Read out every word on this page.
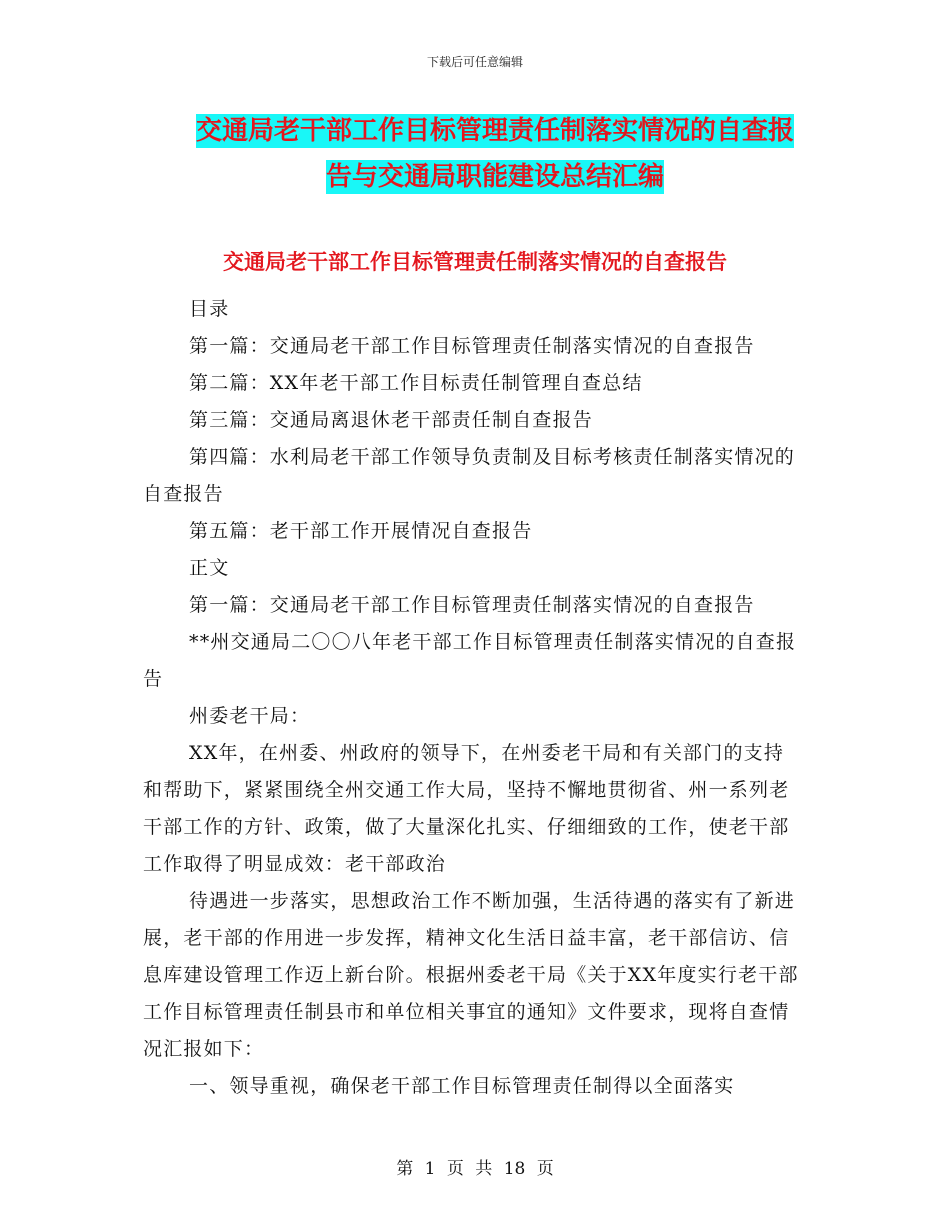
下载后可任意编辑
交通局老干部工作目标管理责任制落实情况的自查报
告与交通局职能建设总结汇编
交通局老干部工作目标管理责任制落实情况的自查报告

目录

第一篇：交通局老干部工作目标管理责任制落实情况的自查报告

第二篇：XX年老干部工作目标责任制管理自查总结

第三篇：交通局离退休老干部责任制自查报告

第四篇：水利局老干部工作领导负责制及目标考核责任制落实情况的自查报告

第五篇：老干部工作开展情况自查报告

正文

第一篇：交通局老干部工作目标管理责任制落实情况的自查报告

**州交通局二〇〇八年老干部工作目标管理责任制落实情况的自查报告

州委老干局：

XX年，在州委、州政府的领导下，在州委老干局和有关部门的支持和帮助下，紧紧围绕全州交通工作大局，坚持不懈地贯彻省、州一系列老干部工作的方针、政策，做了大量深化扎实、仔细细致的工作，使老干部工作取得了明显成效：老干部政治

待遇进一步落实，思想政治工作不断加强，生活待遇的落实有了新进展，老干部的作用进一步发挥，精神文化生活日益丰富，老干部信访、信息库建设管理工作迈上新台阶。根据州委老干局《关于XX年度实行老干部工作目标管理责任制县市和单位相关事宜的通知》文件要求，现将自查情况汇报如下：

一、领导重视，确保老干部工作目标管理责任制得以全面落实

第 1 页 共 18 页
